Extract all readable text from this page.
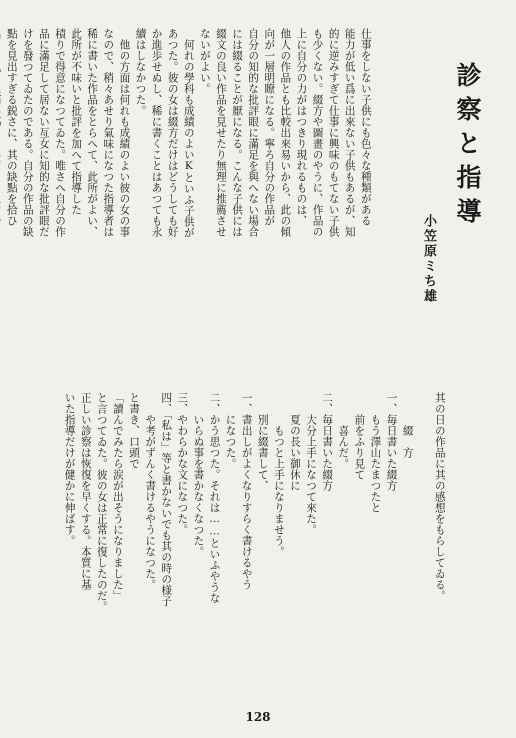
診察と指導
小笠原ミち雄

仕事をしない子供にも色々な種類がある
能力が低い爲に出來ない子供もあるが、知
的に逆みすぎて仕事に興味のもてない子供
も少くない。綴方や圖畫のやうに、作品の
上に自分の力がはつきり現れるものは、
他人の作品とも比較出來易いから、此の傾
向が一層明瞭になる。寧ろ自分の作品が
自分の知的な批評眼に滿足を與へない場合
には綴ることが厭になる。こんな子供には
綴文の良い作品を見せたり無理に推薦させ
ないがよい。
　何れの學科も成績のよいKといふ子供が
あつた。彼の女は綴方だけはどうしても好
か進歩せぬし、稀に書くことはあつても永
續はしなかつた。
　他の方面は何れも成績のよい彼の女の事
なので、稍々あせり氣味になつた指導者は
稀に書いた作品をとらへて、此所がよい、
此所が不味いと批評を加へて指導した
積りで得意になつてゐた。唯さへ自分の作
品に滿足して居ない亙女に知的な批評眼だ
けを發つてゐたのである。自分の作品の缺
點を見出すぎる鋭さに、其の缺點を拾ひ

其の日の作品に其の感想をもらしてゐる。

　　　綴　方
一、毎日書いた綴方
　　もう澤山たまつたと
　　前をふり見て
　　　喜んだ。
二、毎日書いた綴方
　　大分上手になつて來た。
　　夏の長い御休に
　　　もつと上手になりませう。
　　別に綴書して、
一、書出しがよくなりすらく書けるやう
　　になつた。
二、かう思つた。それは……といふやうな
　　いらぬ事を書かなくなつた。
三、やわらかな文になつた。
四、「私は」等と書かないでも其の時の様子
　　や考がずんく書けるやうになつた。
と書き、口頭で
「讀んでみたら涙が出そうになりました」
と言つてゐた。彼の女は正常に復したのだ。
正しい診察は恢復を早くする。本質に基
いた指導だけが健かに伸ばす。

128
